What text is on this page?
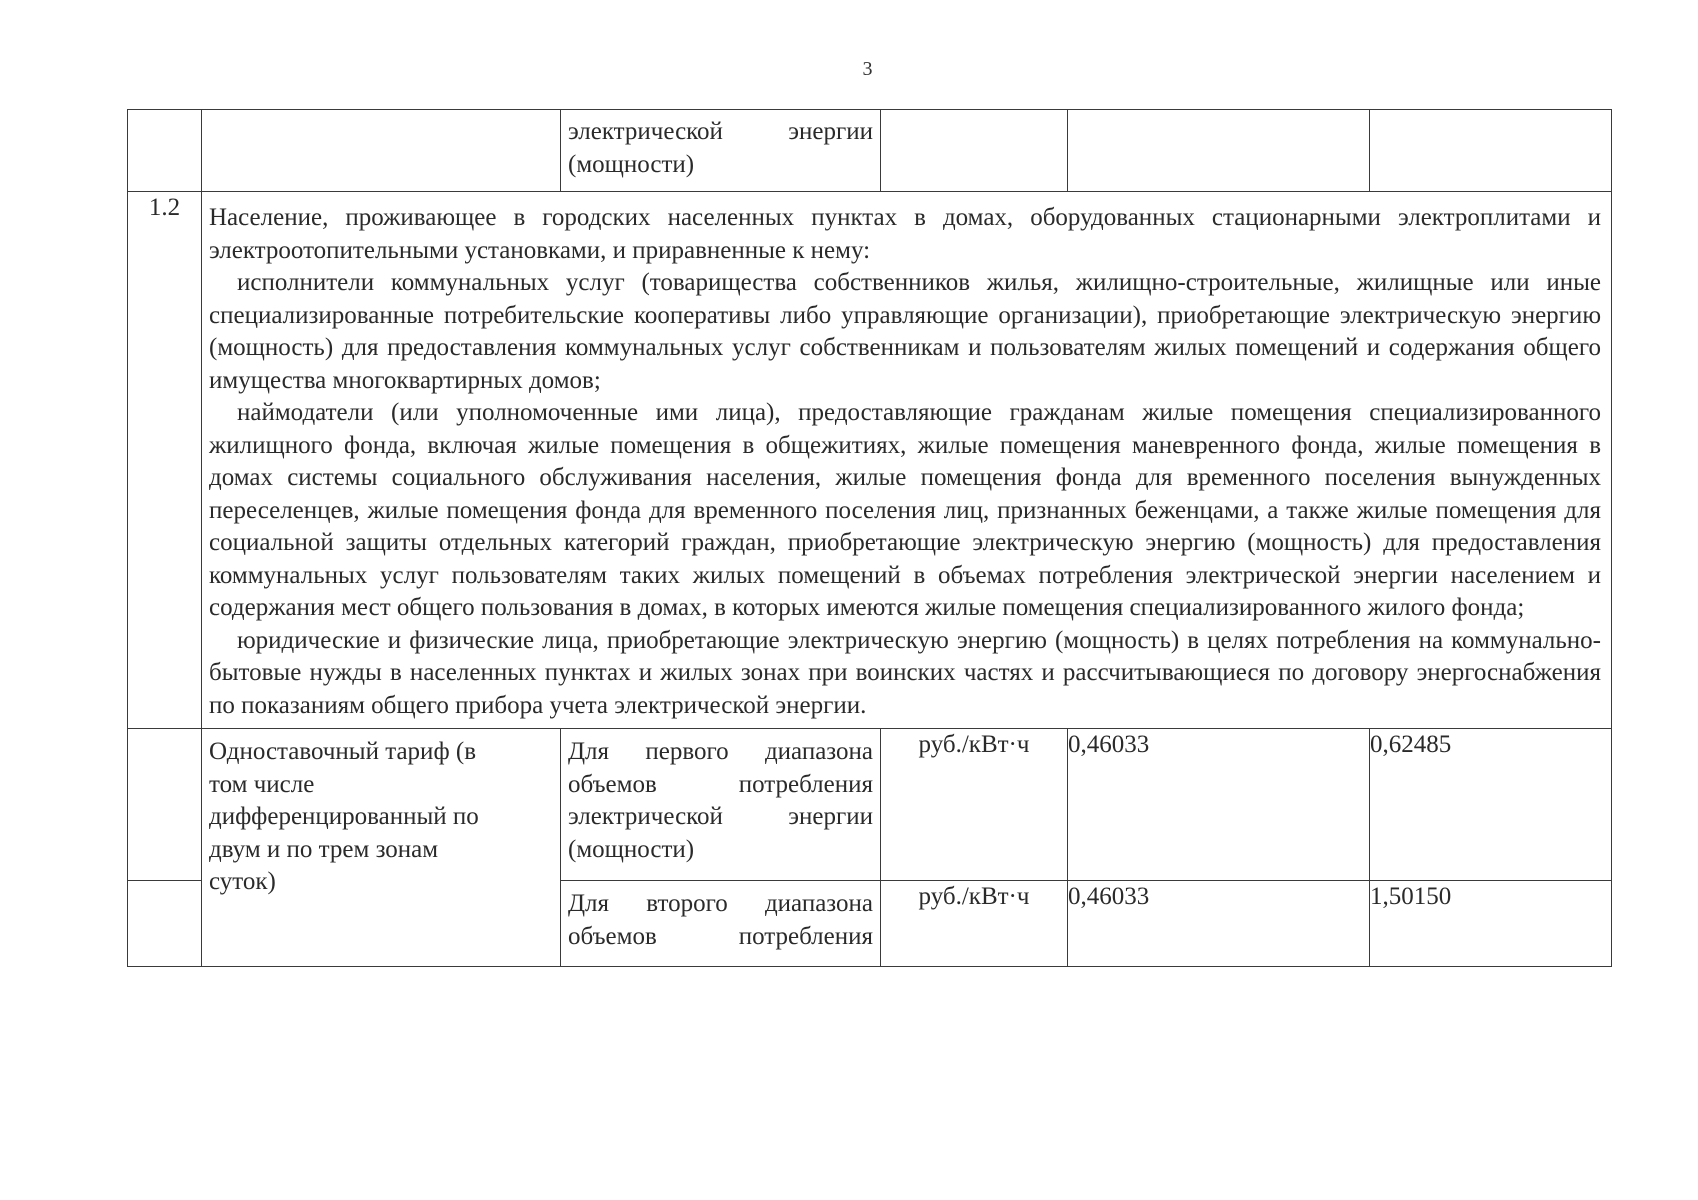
3

		электрической энергии (мощности)			

1.2	Население, проживающее в городских населенных пунктах в домах, оборудованных стационарными электроплитами и электроотопительными установками, и приравненные к нему:

исполнители коммунальных услуг (товарищества собственников жилья, жилищно-строительные, жилищные или иные специализированные потребительские кооперативы либо управляющие организации), приобретающие электрическую энергию (мощность) для предоставления коммунальных услуг собственникам и пользователям жилых помещений и содержания общего имущества многоквартирных домов;

наймодатели (или уполномоченные ими лица), предоставляющие гражданам жилые помещения специализированного жилищного фонда, включая жилые помещения в общежитиях, жилые помещения маневренного фонда, жилые помещения в домах системы социального обслуживания населения, жилые помещения фонда для временного поселения вынужденных переселенцев, жилые помещения фонда для временного поселения лиц, признанных беженцами, а также жилые помещения для социальной защиты отдельных категорий граждан, приобретающие электрическую энергию (мощность) для предоставления коммунальных услуг пользователям таких жилых помещений в объемах потребления электрической энергии населением и содержания мест общего пользования в домах, в которых имеются жилые помещения специализированного жилого фонда;

юридические и физические лица, приобретающие электрическую энергию (мощность) в целях потребления на коммунально-бытовые нужды в населенных пунктах и жилых зонах при воинских частях и рассчитывающиеся по договору энергоснабжения по показаниям общего прибора учета электрической энергии.				

	Одноставочный тариф (в том числе дифференцированный по двум и по трем зонам суток)	Для первого диапазона объемов потребления электрической энергии (мощности)	руб./кВт·ч	0,46033	0,62485

		Для второго диапазона объемов потребления	руб./кВт·ч	0,46033	1,50150
